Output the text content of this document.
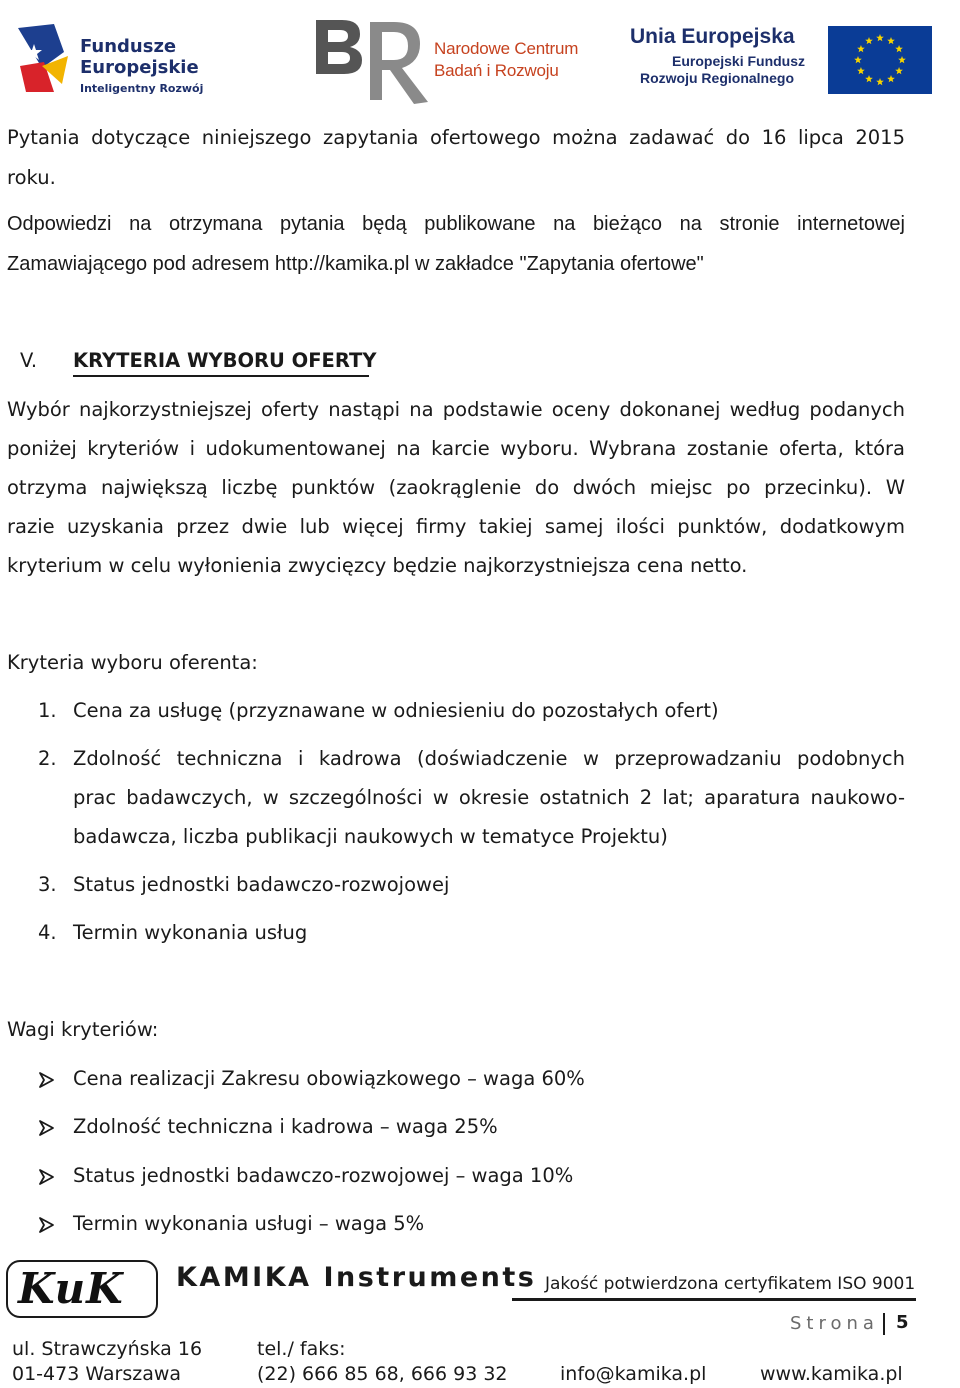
Fundusze
Europejskie
Inteligentny Rozwój
Narodowe Centrum
Badań i Rozwoju
Unia Europejska
Europejski Fundusz
Rozwoju Regionalnego
Pytania dotyczące niniejszego zapytania ofertowego można zadawać do 16 lipca 2015
roku.
Odpowiedzi na otrzymana pytania będą publikowane na bieżąco na stronie internetowej
Zamawiającego pod adresem http://kamika.pl w zakładce "Zapytania ofertowe"
V. KRYTERIA WYBORU OFERTY
Wybór najkorzystniejszej oferty nastąpi na podstawie oceny dokonanej według podanych
poniżej kryteriów i udokumentowanej na karcie wyboru. Wybrana zostanie oferta, która
otrzyma największą liczbę punktów (zaokrąglenie do dwóch miejsc po przecinku). W
razie uzyskania przez dwie lub więcej firmy takiej samej ilości punktów, dodatkowym
kryterium w celu wyłonienia zwycięzcy będzie najkorzystniejsza cena netto.
Kryteria wyboru oferenta:
1. Cena za usługę (przyznawane w odniesieniu do pozostałych ofert)
2. Zdolność techniczna i kadrowa (doświadczenie w przeprowadzaniu podobnych
prac badawczych, w szczególności w okresie ostatnich 2 lat; aparatura naukowo-
badawcza, liczba publikacji naukowych w tematyce Projektu)
3. Status jednostki badawczo-rozwojowej
4. Termin wykonania usług
Wagi kryteriów:
Cena realizacji Zakresu obowiązkowego – waga 60%
Zdolność techniczna i kadrowa – waga 25%
Status jednostki badawczo-rozwojowej – waga 10%
Termin wykonania usługi – waga 5%
KuK KAMIKA Instruments Jakość potwierdzona certyfikatem ISO 9001
Strona 5
ul. Strawczyńska 16
01-473 Warszawa
tel./ faks:
(22) 666 85 68, 666 93 32	info@kamika.pl	www.kamika.pl
